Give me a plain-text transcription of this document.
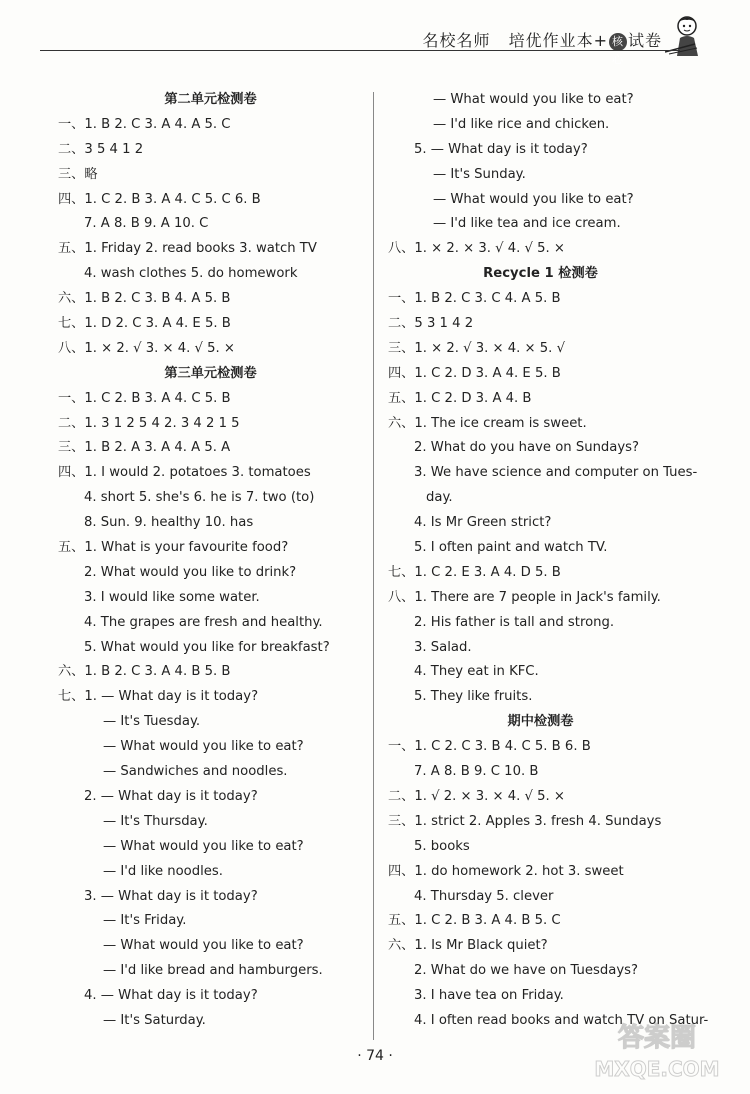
名校名师 培优作业本+ 核心试卷
第二单元检测卷
一、1. B 2. C 3. A 4. A 5. C
二、3 5 4 1 2
三、略
四、1. C 2. B 3. A 4. C 5. C 6. B
7. A 8. B 9. A 10. C
五、1. Friday 2. read books 3. watch TV
4. wash clothes 5. do homework
六、1. B 2. C 3. B 4. A 5. B
七、1. D 2. C 3. A 4. E 5. B
八、1. × 2. √ 3. × 4. √ 5. ×
第三单元检测卷
一、1. C 2. B 3. A 4. C 5. B
二、1. 3 1 2 5 4 2. 3 4 2 1 5
三、1. B 2. A 3. A 4. A 5. A
四、1. I would 2. potatoes 3. tomatoes
4. short 5. she's 6. he is 7. two (to)
8. Sun. 9. healthy 10. has
五、1. What is your favourite food?
2. What would you like to drink?
3. I would like some water.
4. The grapes are fresh and healthy.
5. What would you like for breakfast?
六、1. B 2. C 3. A 4. B 5. B
七、1. — What day is it today?
— It's Tuesday.
— What would you like to eat?
— Sandwiches and noodles.
2. — What day is it today?
— It's Thursday.
— What would you like to eat?
— I'd like noodles.
3. — What day is it today?
— It's Friday.
— What would you like to eat?
— I'd like bread and hamburgers.
4. — What day is it today?
— It's Saturday.
— What would you like to eat?
— I'd like rice and chicken.
5. — What day is it today?
— It's Sunday.
— What would you like to eat?
— I'd like tea and ice cream.
八、1. × 2. × 3. √ 4. √ 5. ×
Recycle 1 检测卷
一、1. B 2. C 3. C 4. A 5. B
二、5 3 1 4 2
三、1. × 2. √ 3. × 4. × 5. √
四、1. C 2. D 3. A 4. E 5. B
五、1. C 2. D 3. A 4. B
六、1. The ice cream is sweet.
2. What do you have on Sundays?
3. We have science and computer on Tues-
day.
4. Is Mr Green strict?
5. I often paint and watch TV.
七、1. C 2. E 3. A 4. D 5. B
八、1. There are 7 people in Jack's family.
2. His father is tall and strong.
3. Salad.
4. They eat in KFC.
5. They like fruits.
期中检测卷
一、1. C 2. C 3. B 4. C 5. B 6. B
7. A 8. B 9. C 10. B
二、1. √ 2. × 3. × 4. √ 5. ×
三、1. strict 2. Apples 3. fresh 4. Sundays
5. books
四、1. do homework 2. hot 3. sweet
4. Thursday 5. clever
五、1. C 2. B 3. A 4. B 5. C
六、1. Is Mr Black quiet?
2. What do we have on Tuesdays?
3. I have tea on Friday.
4. I often read books and watch TV on Satur-
· 74 ·
答案圈
MXQE.COM
